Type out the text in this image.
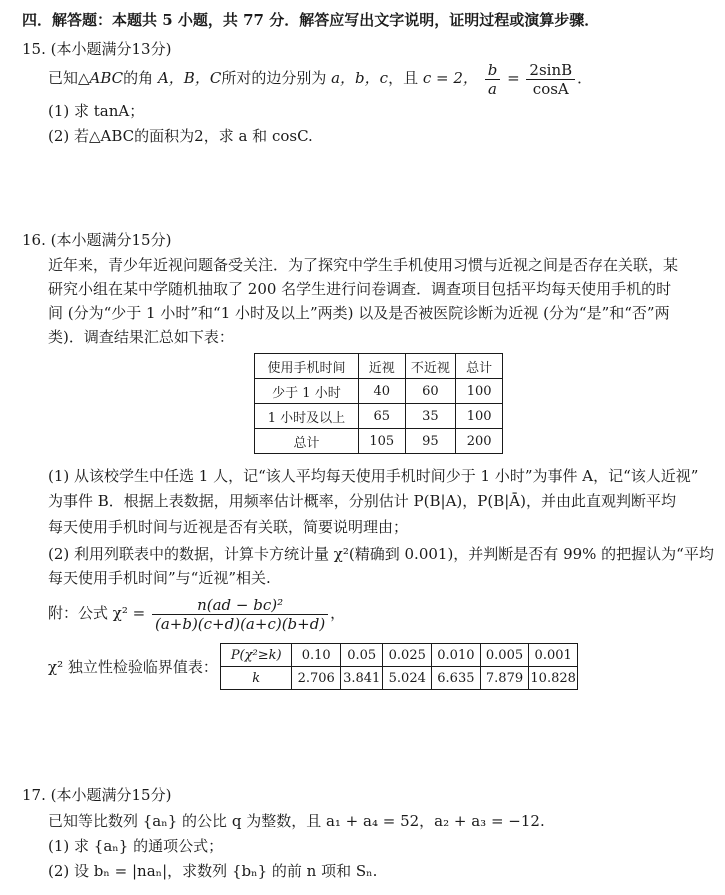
四．解答题：本题共 5 小题，共 77 分．解答应写出文字说明，证明过程或演算步骤．
15. (本小题满分13分)
已知△ABC的角 A，B，C所对的边分别为 a，b，c，且 c = 2， $\frac{b}{a} = \frac{2\sin B}{\cos A}$ ．
(1) 求 tanA；
(2) 若△ABC的面积为2，求 a 和 cosC.
16. (本小题满分15分)
近年来，青少年近视问题备受关注．为了探究中学生手机使用习惯与近视之间是否存在关联，某
研究小组在某中学随机抽取了 200 名学生进行问卷调查．调查项目包括平均每天使用手机的时
间 (分为“少于 1 小时”和“1 小时及以上”两类) 以及是否被医院诊断为近视 (分为“是”和“否”两
类)．调查结果汇总如下表：
使用手机时间	近视	不近视	总计
少于 1 小时	40	60	100
1 小时及以上	65	35	100
总计	105	95	200
(1) 从该校学生中任选 1 人，记“该人平均每天使用手机时间少于 1 小时”为事件 A，记“该人近视”
为事件 B．根据上表数据，用频率估计概率，分别估计 P(B|A)，P(B|Ā)，并由此直观判断平均
每天使用手机时间与近视是否有关联，简要说明理由；
(2) 利用列联表中的数据，计算卡方统计量 χ²(精确到 0.001)，并判断是否有 99% 的把握认为“平均
每天使用手机时间”与“近视”相关.
附：公式 $\chi^2 = \frac{\text{n(ad − bc)²}}{(a+b)(c+d)(a+c)(b+d)}$ ，
χ² 独立性检验临界值表：
P(χ²≥k)	0.10	0.05	0.025	0.010	0.005	0.001
k	2.706	3.841	5.024	6.635	7.879	10.828
17. (本小题满分15分)
已知等比数列 {aₙ} 的公比 q 为整数，且 a₁ + a₄ = 52，a₂ + a₃ = −12.
(1) 求 {aₙ} 的通项公式；
(2) 设 bₙ = |naₙ|，求数列 {bₙ} 的前 n 项和 Sₙ.
